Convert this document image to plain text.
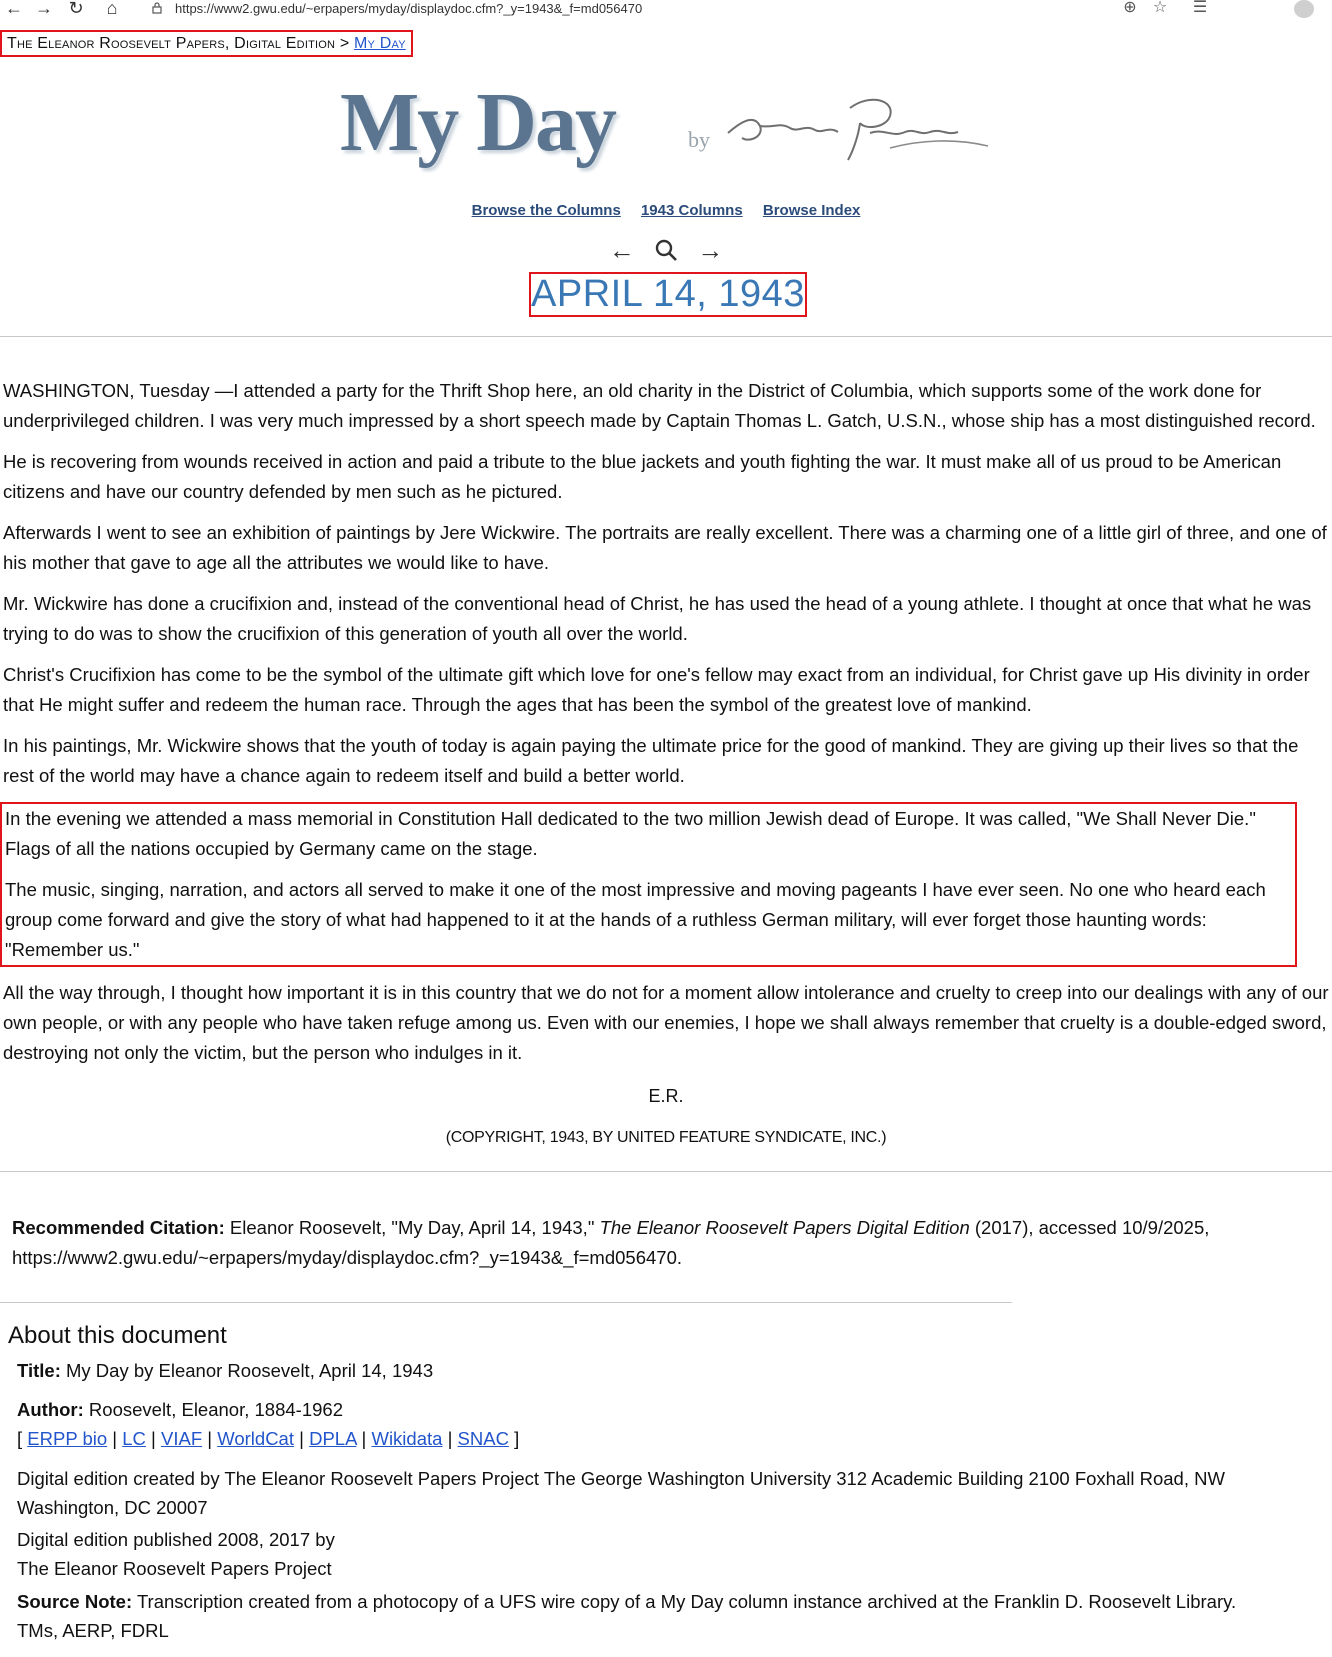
← → ↻ ⌂	https://www2.gwu.edu/~erpapers/myday/displaydoc.cfm?_y=1943&_f=md056470	⊕ ☆ ☰
The Eleanor Roosevelt Papers, Digital Edition > My Day
My Day	by
Browse the Columns 1943 Columns Browse Index
← →
APRIL 14, 1943

WASHINGTON, Tuesday —I attended a party for the Thrift Shop here, an old charity in the District of Columbia, which supports some of the work done for underprivileged children. I was very much impressed by a short speech made by Captain Thomas L. Gatch, U.S.N., whose ship has a most distinguished record.

He is recovering from wounds received in action and paid a tribute to the blue jackets and youth fighting the war. It must make all of us proud to be American citizens and have our country defended by men such as he pictured.

Afterwards I went to see an exhibition of paintings by Jere Wickwire. The portraits are really excellent. There was a charming one of a little girl of three, and one of his mother that gave to age all the attributes we would like to have.

Mr. Wickwire has done a crucifixion and, instead of the conventional head of Christ, he has used the head of a young athlete. I thought at once that what he was trying to do was to show the crucifixion of this generation of youth all over the world.

Christ's Crucifixion has come to be the symbol of the ultimate gift which love for one's fellow may exact from an individual, for Christ gave up His divinity in order that He might suffer and redeem the human race. Through the ages that has been the symbol of the greatest love of mankind.

In his paintings, Mr. Wickwire shows that the youth of today is again paying the ultimate price for the good of mankind. They are giving up their lives so that the rest of the world may have a chance again to redeem itself and build a better world.

In the evening we attended a mass memorial in Constitution Hall dedicated to the two million Jewish dead of Europe. It was called, "We Shall Never Die." Flags of all the nations occupied by Germany came on the stage.

The music, singing, narration, and actors all served to make it one of the most impressive and moving pageants I have ever seen. No one who heard each group come forward and give the story of what had happened to it at the hands of a ruthless German military, will ever forget those haunting words: "Remember us."

All the way through, I thought how important it is in this country that we do not for a moment allow intolerance and cruelty to creep into our dealings with any of our own people, or with any people who have taken refuge among us. Even with our enemies, I hope we shall always remember that cruelty is a double-edged sword, destroying not only the victim, but the person who indulges in it.

E.R.
(COPYRIGHT, 1943, BY UNITED FEATURE SYNDICATE, INC.)
Recommended Citation: Eleanor Roosevelt, "My Day, April 14, 1943," The Eleanor Roosevelt Papers Digital Edition (2017), accessed 10/9/2025, https://www2.gwu.edu/~erpapers/myday/displaydoc.cfm?_y=1943&_f=md056470.
About this document
Title: My Day by Eleanor Roosevelt, April 14, 1943
Author: Roosevelt, Eleanor, 1884-1962
[ ERPP bio | LC | VIAF | WorldCat | DPLA | Wikidata | SNAC ]
Digital edition created by The Eleanor Roosevelt Papers Project The George Washington University 312 Academic Building 2100 Foxhall Road, NW Washington, DC 20007
Digital edition published 2008, 2017 by
The Eleanor Roosevelt Papers Project
Source Note: Transcription created from a photocopy of a UFS wire copy of a My Day column instance archived at the Franklin D. Roosevelt Library.
TMs, AERP, FDRL
